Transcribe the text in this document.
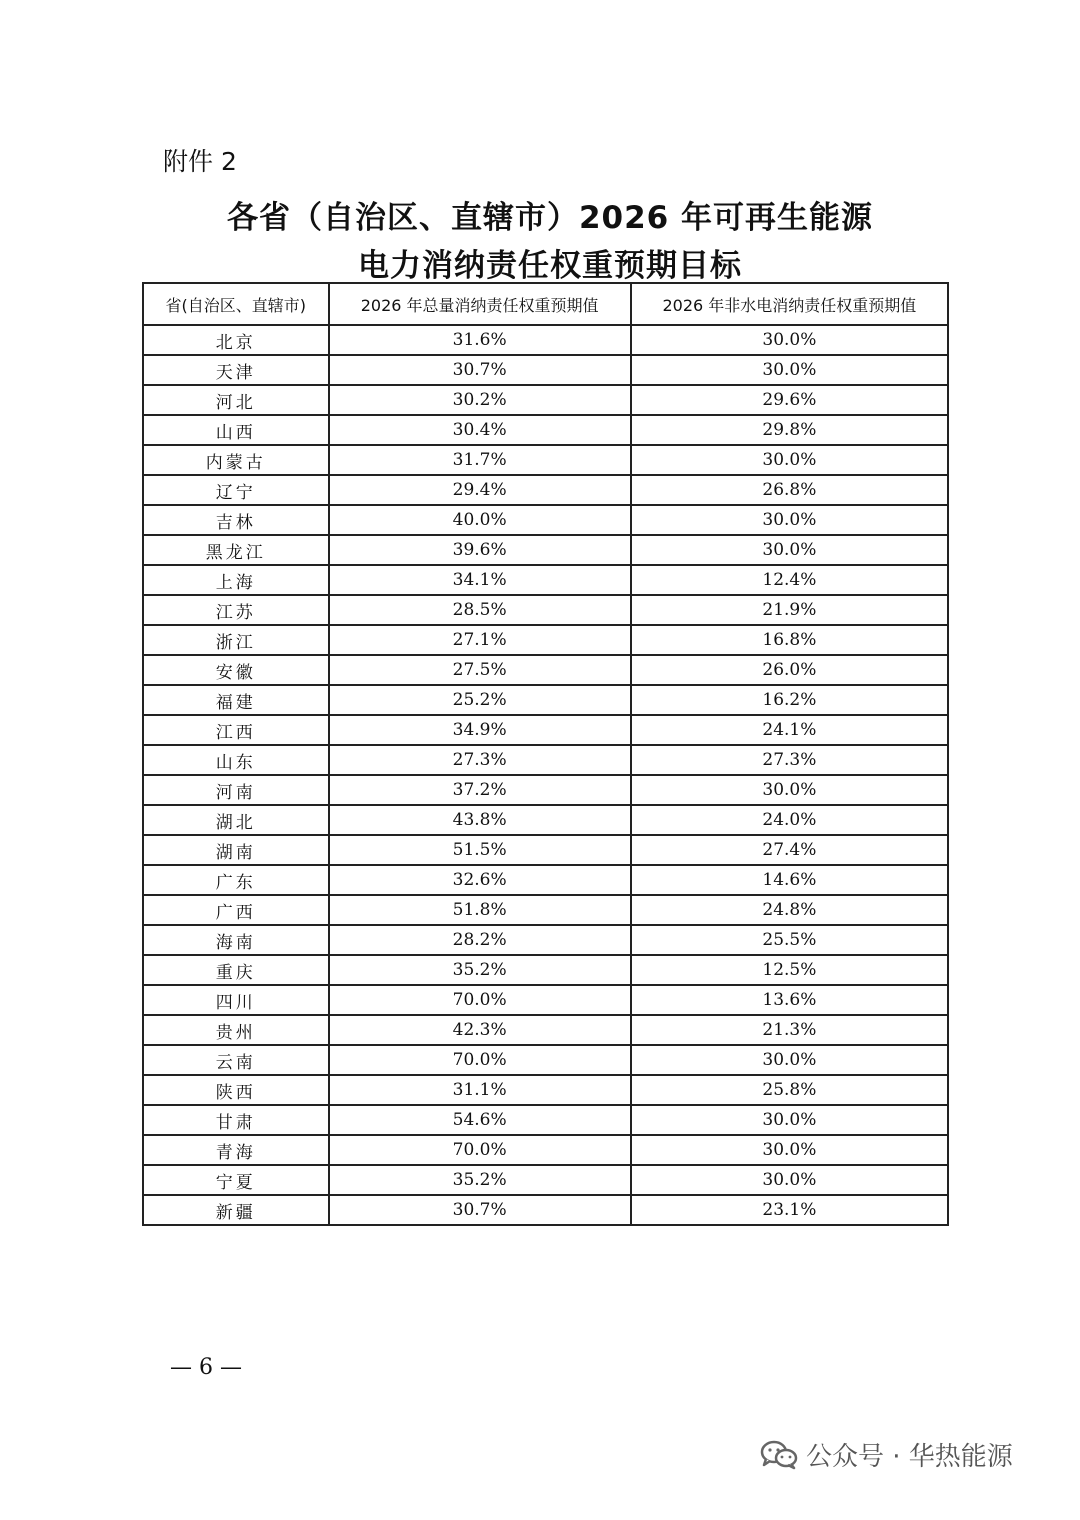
附件 2
各省（自治区、直辖市）2026 年可再生能源
电力消纳责任权重预期目标
省(自治区、直辖市)	2026 年总量消纳责任权重预期值	2026 年非水电消纳责任权重预期值
北京	31.6%	30.0%
天津	30.7%	30.0%
河北	30.2%	29.6%
山西	30.4%	29.8%
内蒙古	31.7%	30.0%
辽宁	29.4%	26.8%
吉林	40.0%	30.0%
黑龙江	39.6%	30.0%
上海	34.1%	12.4%
江苏	28.5%	21.9%
浙江	27.1%	16.8%
安徽	27.5%	26.0%
福建	25.2%	16.2%
江西	34.9%	24.1%
山东	27.3%	27.3%
河南	37.2%	30.0%
湖北	43.8%	24.0%
湖南	51.5%	27.4%
广东	32.6%	14.6%
广西	51.8%	24.8%
海南	28.2%	25.5%
重庆	35.2%	12.5%
四川	70.0%	13.6%
贵州	42.3%	21.3%
云南	70.0%	30.0%
陕西	31.1%	25.8%
甘肃	54.6%	30.0%
青海	70.0%	30.0%
宁夏	35.2%	30.0%
新疆	30.7%	23.1%
— 6 —
公众号 · 华热能源
